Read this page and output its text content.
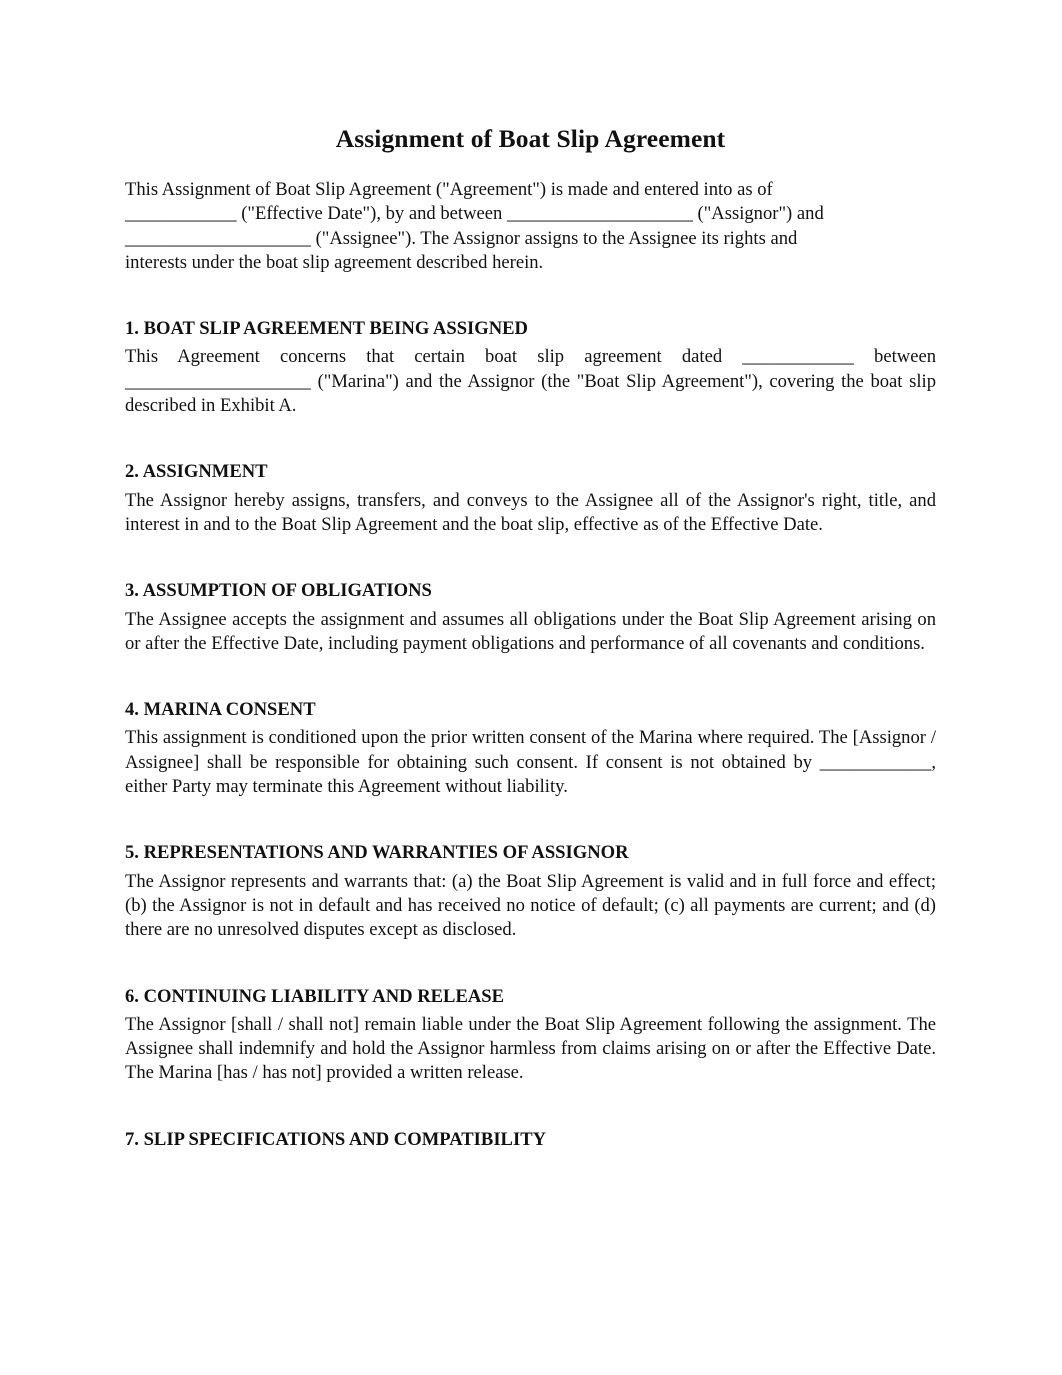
Assignment of Boat Slip Agreement

This Assignment of Boat Slip Agreement ("Agreement") is made and entered into as of
____________ ("Effective Date"), by and between ____________________ ("Assignor") and
____________________ ("Assignee"). The Assignor assigns to the Assignee its rights and
interests under the boat slip agreement described herein.

1. BOAT SLIP AGREEMENT BEING ASSIGNED

This Agreement concerns that certain boat slip agreement dated ____________ between ____________________ ("Marina") and the Assignor (the "Boat Slip Agreement"), covering the boat slip described in Exhibit A.

2. ASSIGNMENT

The Assignor hereby assigns, transfers, and conveys to the Assignee all of the Assignor's right, title, and interest in and to the Boat Slip Agreement and the boat slip, effective as of the Effective Date.

3. ASSUMPTION OF OBLIGATIONS

The Assignee accepts the assignment and assumes all obligations under the Boat Slip Agreement arising on or after the Effective Date, including payment obligations and performance of all covenants and conditions.

4. MARINA CONSENT

This assignment is conditioned upon the prior written consent of the Marina where required. The [Assignor / Assignee] shall be responsible for obtaining such consent. If consent is not obtained by ____________, either Party may terminate this Agreement without liability.

5. REPRESENTATIONS AND WARRANTIES OF ASSIGNOR

The Assignor represents and warrants that: (a) the Boat Slip Agreement is valid and in full force and effect; (b) the Assignor is not in default and has received no notice of default; (c) all payments are current; and (d) there are no unresolved disputes except as disclosed.

6. CONTINUING LIABILITY AND RELEASE

The Assignor [shall / shall not] remain liable under the Boat Slip Agreement following the assignment. The Assignee shall indemnify and hold the Assignor harmless from claims arising on or after the Effective Date. The Marina [has / has not] provided a written release.

7. SLIP SPECIFICATIONS AND COMPATIBILITY
